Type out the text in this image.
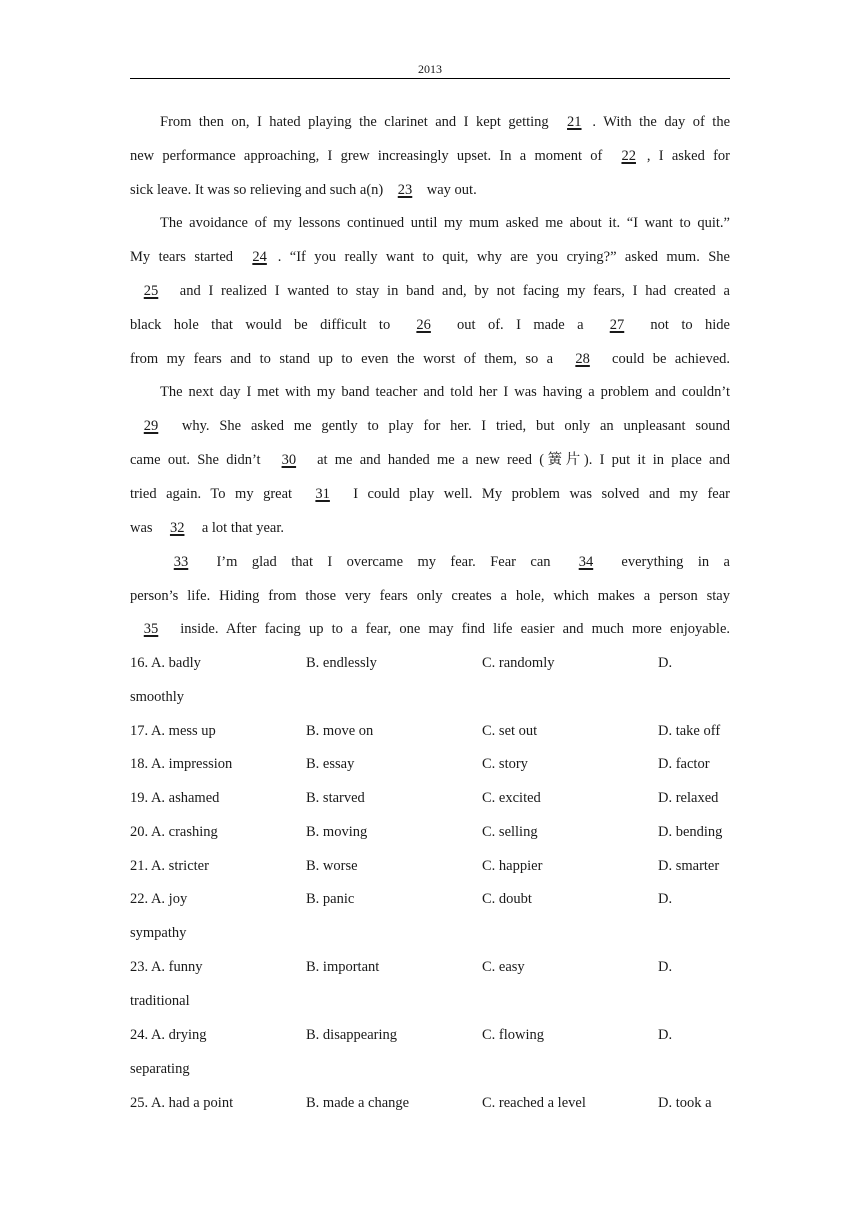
2013
From then on, I hated playing the clarinet and I kept getting 21 . With the day of the
new performance approaching, I grew increasingly upset. In a moment of 22 , I asked for
sick leave. It was so relieving and such a(n) 23 way out.
The avoidance of my lessons continued until my mum asked me about it. “I want to quit.”
My tears started 24 . “If you really want to quit, why are you crying?” asked mum. She
25 and I realized I wanted to stay in band and, by not facing my fears, I had created a
black hole that would be difficult to 26 out of. I made a 27 not to hide
from my fears and to stand up to even the worst of them, so a 28 could be achieved.
The next day I met with my band teacher and told her I was having a problem and couldn’t
29 why. She asked me gently to play for her. I tried, but only an unpleasant sound
came out. She didn’t 30 at me and handed me a new reed (簧片). I put it in place and
tried again. To my great 31 I could play well. My problem was solved and my fear
was 32 a lot that year.
33 I’m glad that I overcame my fear. Fear can 34 everything in a
person’s life. Hiding from those very fears only creates a hole, which makes a person stay
35 inside. After facing up to a fear, one may find life easier and much more enjoyable.
16. A. badly	B. endlessly	C. randomly	D.
smoothly
17. A. mess up	B. move on	C. set out	D. take off
18. A. impression	B. essay	C. story	D. factor
19. A. ashamed	B. starved	C. excited	D. relaxed
20. A. crashing	B. moving	C. selling	D. bending
21. A. stricter	B. worse	C. happier	D. smarter
22. A. joy	B. panic	C. doubt	D.
sympathy
23. A. funny	B. important	C. easy	D.
traditional
24. A. drying	B. disappearing	C. flowing	D.
separating
25. A. had a point	B. made a change	C. reached a level	D. took a
